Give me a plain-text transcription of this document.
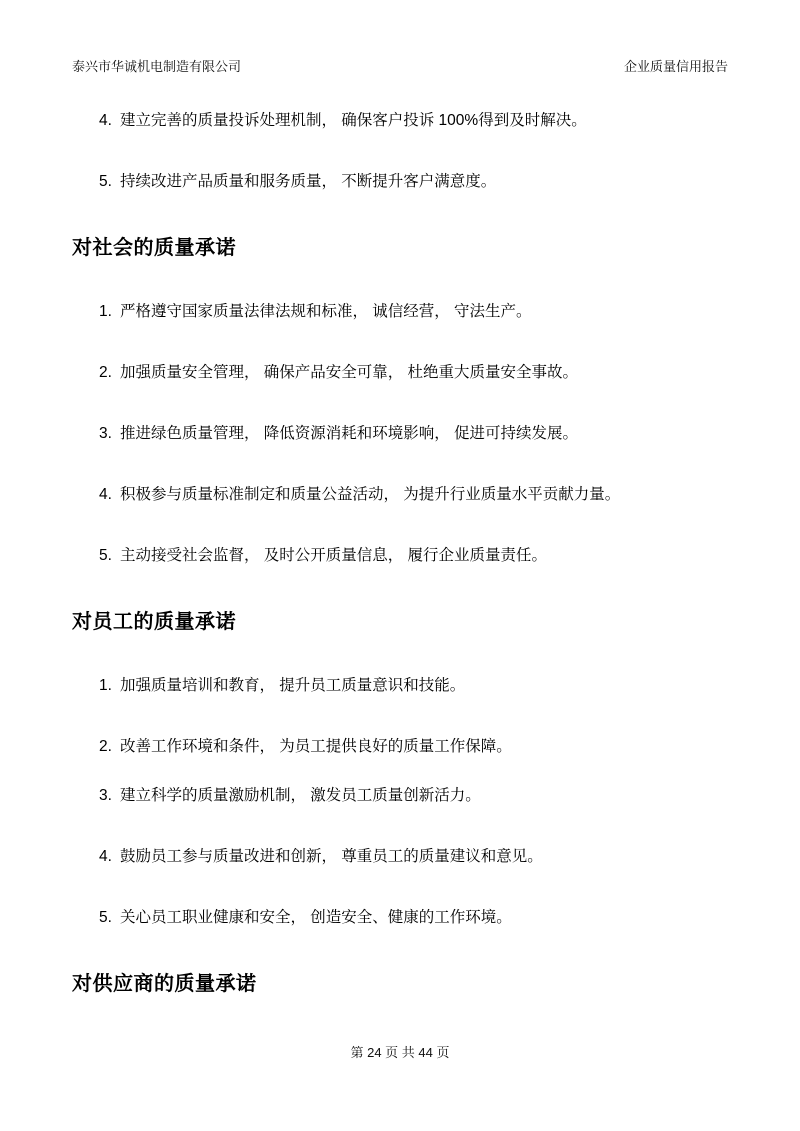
泰兴市华诚机电制造有限公司	企业质量信用报告
4. 建立完善的质量投诉处理机制， 确保客户投诉 100%得到及时解决。
5. 持续改进产品质量和服务质量， 不断提升客户满意度。
对社会的质量承诺
1. 严格遵守国家质量法律法规和标准， 诚信经营， 守法生产。
2. 加强质量安全管理， 确保产品安全可靠， 杜绝重大质量安全事故。
3. 推进绿色质量管理， 降低资源消耗和环境影响， 促进可持续发展。
4. 积极参与质量标准制定和质量公益活动， 为提升行业质量水平贡献力量。
5. 主动接受社会监督， 及时公开质量信息， 履行企业质量责任。
对员工的质量承诺
1. 加强质量培训和教育， 提升员工质量意识和技能。
2. 改善工作环境和条件， 为员工提供良好的质量工作保障。
3. 建立科学的质量激励机制， 激发员工质量创新活力。
4. 鼓励员工参与质量改进和创新， 尊重员工的质量建议和意见。
5. 关心员工职业健康和安全， 创造安全、健康的工作环境。
对供应商的质量承诺
第 24 页 共 44 页
